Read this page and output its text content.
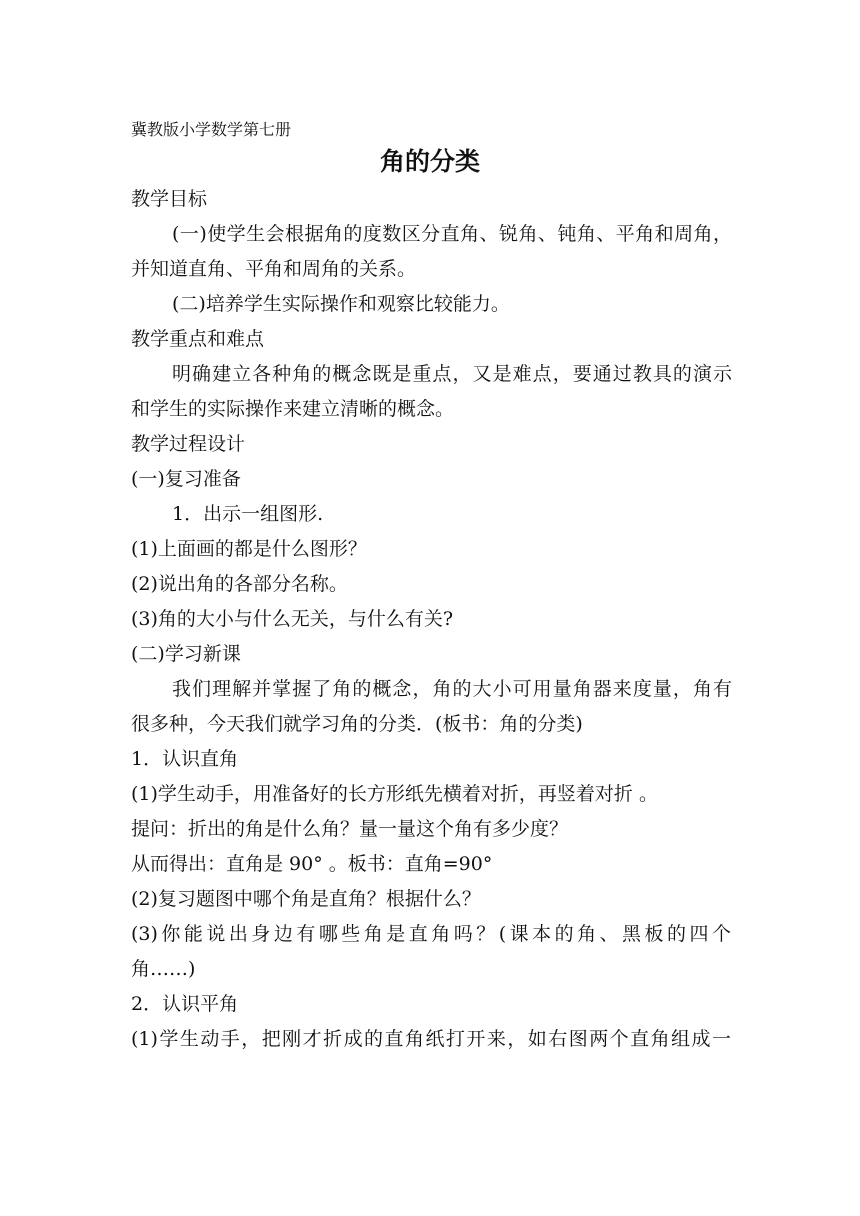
冀教版小学数学第七册
角的分类
教学目标
(一)使学生会根据角的度数区分直角、锐角、钝角、平角和周角，
并知道直角、平角和周角的关系。
(二)培养学生实际操作和观察比较能力。
教学重点和难点
明确建立各种角的概念既是重点，又是难点，要通过教具的演示
和学生的实际操作来建立清晰的概念。
教学过程设计
(一)复习准备
1．出示一组图形.
(1)上面画的都是什么图形？
(2)说出角的各部分名称。
(3)角的大小与什么无关，与什么有关?
(二)学习新课
我们理解并掌握了角的概念，角的大小可用量角器来度量，角有
很多种，今天我们就学习角的分类．(板书：角的分类)
1．认识直角
(1)学生动手，用准备好的长方形纸先横着对折，再竖着对折 。
提问：折出的角是什么角？量一量这个角有多少度？
从而得出：直角是 90° 。板书：直角=90°
(2)复习题图中哪个角是直角？根据什么？
(3)你能说出身边有哪些角是直角吗？(课本的角、黑板的四个
角……)
2．认识平角
(1)学生动手，把刚才折成的直角纸打开来，如右图两个直角组成一
